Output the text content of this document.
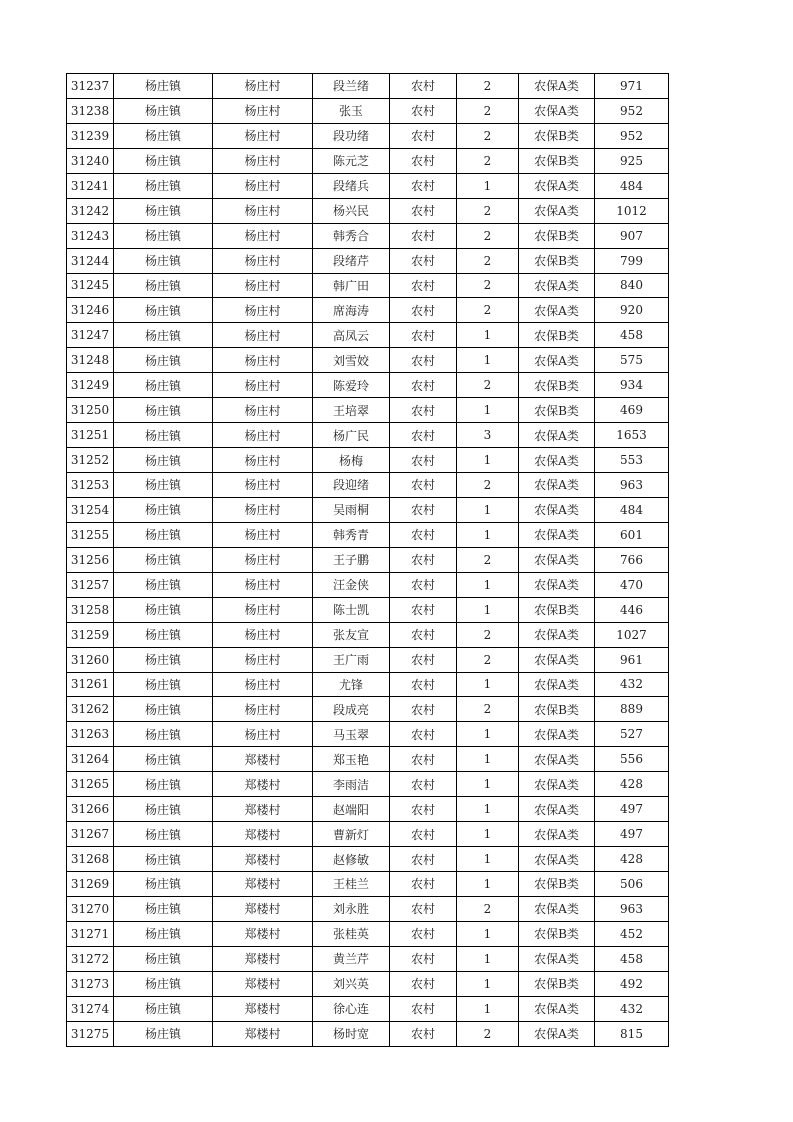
31237	杨庄镇	杨庄村	段兰绪	农村	2	农保A类	971
31238	杨庄镇	杨庄村	张玉	农村	2	农保A类	952
31239	杨庄镇	杨庄村	段功绪	农村	2	农保B类	952
31240	杨庄镇	杨庄村	陈元芝	农村	2	农保B类	925
31241	杨庄镇	杨庄村	段绪兵	农村	1	农保A类	484
31242	杨庄镇	杨庄村	杨兴民	农村	2	农保A类	1012
31243	杨庄镇	杨庄村	韩秀合	农村	2	农保B类	907
31244	杨庄镇	杨庄村	段绪芹	农村	2	农保B类	799
31245	杨庄镇	杨庄村	韩广田	农村	2	农保A类	840
31246	杨庄镇	杨庄村	席海涛	农村	2	农保A类	920
31247	杨庄镇	杨庄村	高凤云	农村	1	农保B类	458
31248	杨庄镇	杨庄村	刘雪姣	农村	1	农保A类	575
31249	杨庄镇	杨庄村	陈爱玲	农村	2	农保B类	934
31250	杨庄镇	杨庄村	王培翠	农村	1	农保B类	469
31251	杨庄镇	杨庄村	杨广民	农村	3	农保A类	1653
31252	杨庄镇	杨庄村	杨梅	农村	1	农保A类	553
31253	杨庄镇	杨庄村	段迎绪	农村	2	农保A类	963
31254	杨庄镇	杨庄村	吴雨桐	农村	1	农保A类	484
31255	杨庄镇	杨庄村	韩秀青	农村	1	农保A类	601
31256	杨庄镇	杨庄村	王子鹏	农村	2	农保A类	766
31257	杨庄镇	杨庄村	汪金侠	农村	1	农保A类	470
31258	杨庄镇	杨庄村	陈士凯	农村	1	农保B类	446
31259	杨庄镇	杨庄村	张友宣	农村	2	农保A类	1027
31260	杨庄镇	杨庄村	王广雨	农村	2	农保A类	961
31261	杨庄镇	杨庄村	尤锋	农村	1	农保A类	432
31262	杨庄镇	杨庄村	段成亮	农村	2	农保B类	889
31263	杨庄镇	杨庄村	马玉翠	农村	1	农保A类	527
31264	杨庄镇	郑楼村	郑玉艳	农村	1	农保A类	556
31265	杨庄镇	郑楼村	李雨洁	农村	1	农保A类	428
31266	杨庄镇	郑楼村	赵端阳	农村	1	农保A类	497
31267	杨庄镇	郑楼村	曹新灯	农村	1	农保A类	497
31268	杨庄镇	郑楼村	赵修敏	农村	1	农保A类	428
31269	杨庄镇	郑楼村	王桂兰	农村	1	农保B类	506
31270	杨庄镇	郑楼村	刘永胜	农村	2	农保A类	963
31271	杨庄镇	郑楼村	张桂英	农村	1	农保B类	452
31272	杨庄镇	郑楼村	黄兰芹	农村	1	农保A类	458
31273	杨庄镇	郑楼村	刘兴英	农村	1	农保B类	492
31274	杨庄镇	郑楼村	徐心连	农村	1	农保A类	432
31275	杨庄镇	郑楼村	杨时宽	农村	2	农保A类	815
